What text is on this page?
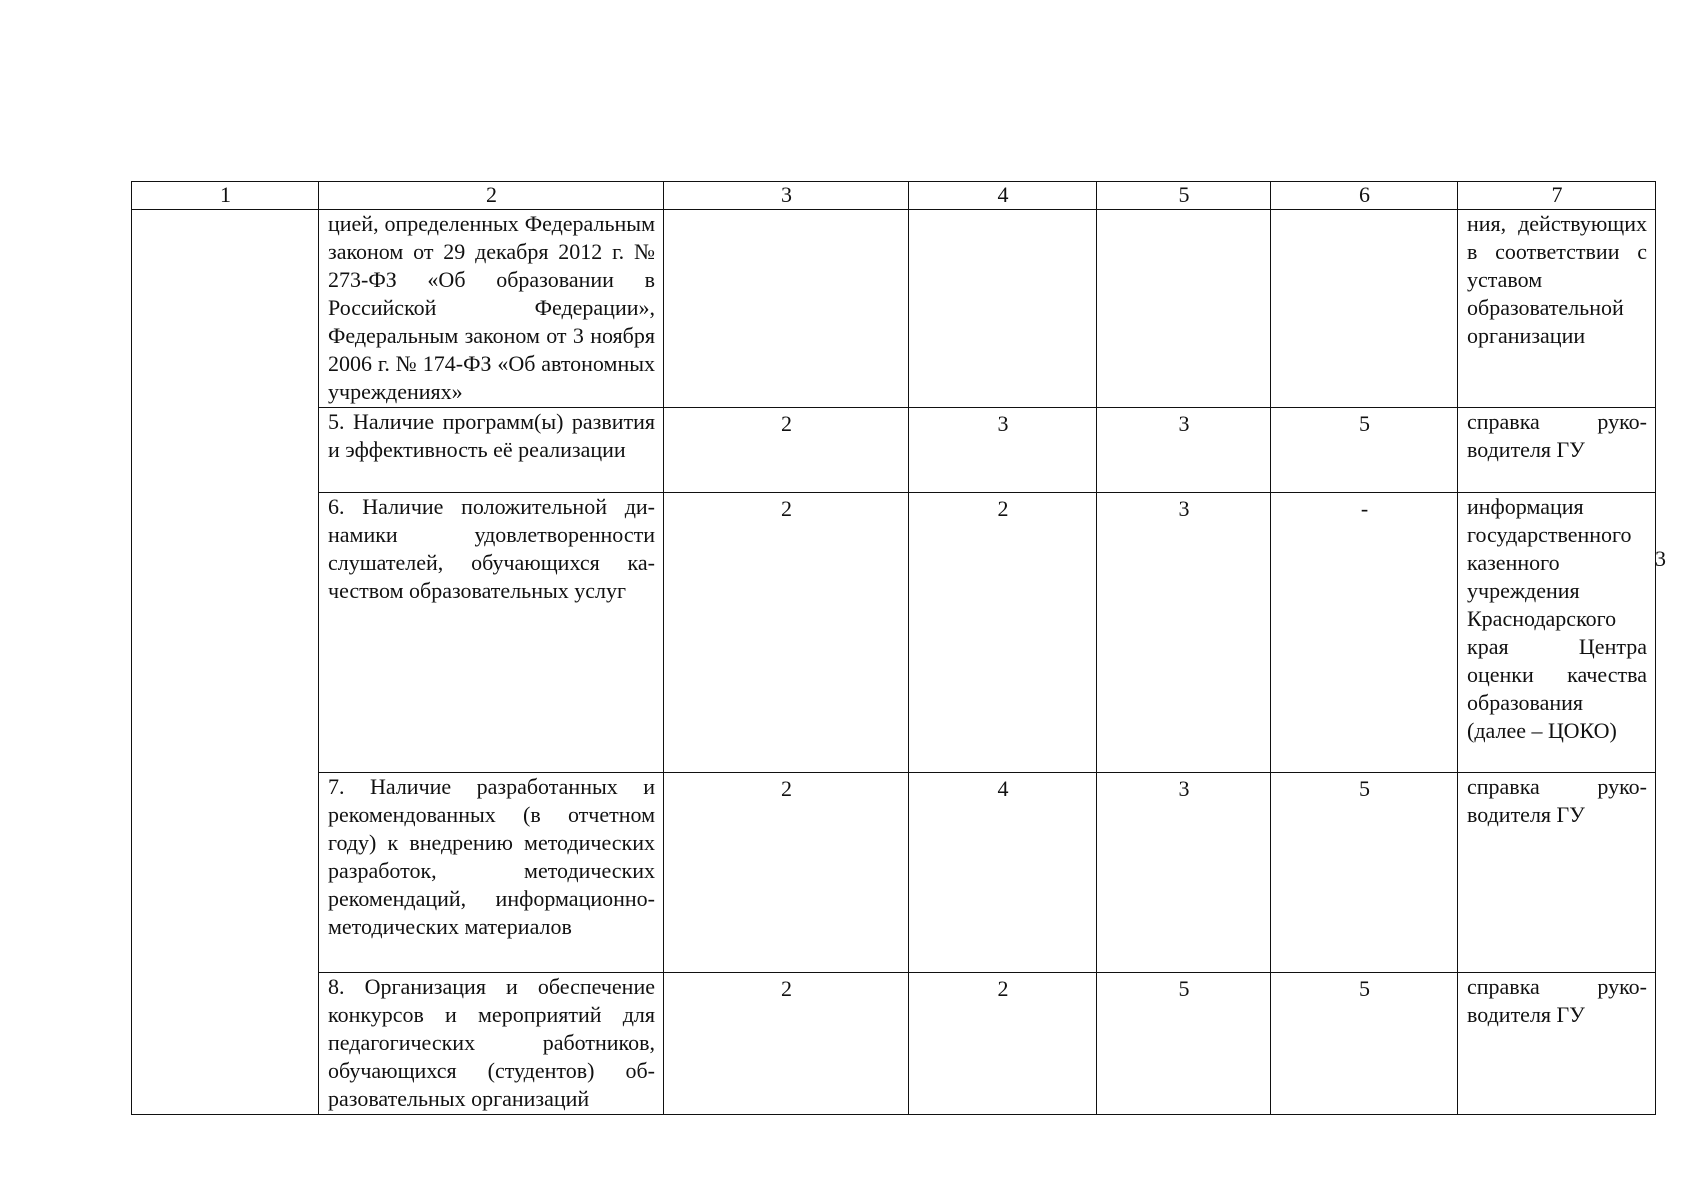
1	2	3	4	5	6	7
	цией, определенных Федеральным законом от 29 декабря 2012 г. № 273-ФЗ «Об образовании в Российской Федерации», Федеральным законом от 3 ноября 2006 г. № 174-ФЗ «Об автономных учреждениях»					ния, действующих в соответствии с уставом образовательной организации
	5. Наличие программ(ы) развития и эффективность её реализации	2	3	3	5	справка руководителя ГУ
	6. Наличие положительной динамики удовлетворенности слушателей, обучающихся качеством образовательных услуг	2	2	3	-	информация государственного казенного учреждения Краснодарского края Центра оценки качества образования (далее – ЦОКО)
	7. Наличие разработанных и рекомендованных (в отчетном году) к внедрению методических разработок, методических рекомендаций, информационно-методических материалов	2	4	3	5	справка руководителя ГУ
	8. Организация и обеспечение конкурсов и мероприятий для педагогических работников, обучающихся (студентов) образовательных организаций	2	2	5	5	справка руководителя ГУ
3
